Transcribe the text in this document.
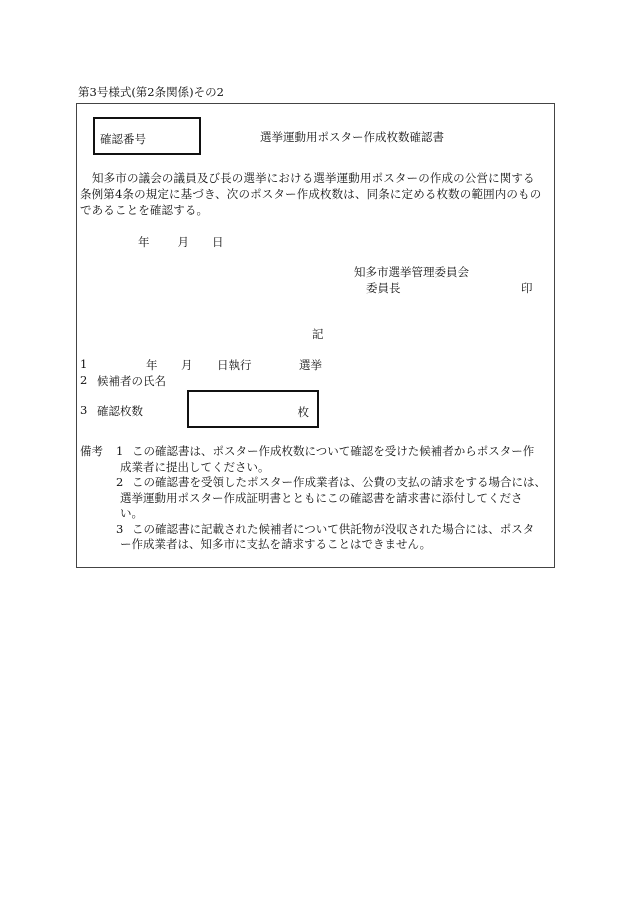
第3号様式(第2条関係)その2
確認番号	選挙運動用ポスター作成枚数確認書
知多市の議会の議員及び長の選挙における選挙運動用ポスターの作成の公営に関する
条例第4条の規定に基づき、次のポスター作成枚数は、同条に定める枚数の範囲内のもの
であることを確認する。
年 月 日
知多市選挙管理委員会
委員長	印
記
1	年 月 日執行	選挙
2 候補者の氏名
3 確認枚数	枚
備考 1 この確認書は、ポスター作成枚数について確認を受けた候補者からポスター作
成業者に提出してください。
2 この確認書を受領したポスター作成業者は、公費の支払の請求をする場合には、
選挙運動用ポスター作成証明書とともにこの確認書を請求書に添付してくださ
い。
3 この確認書に記載された候補者について供託物が没収された場合には、ポスタ
ー作成業者は、知多市に支払を請求することはできません。
